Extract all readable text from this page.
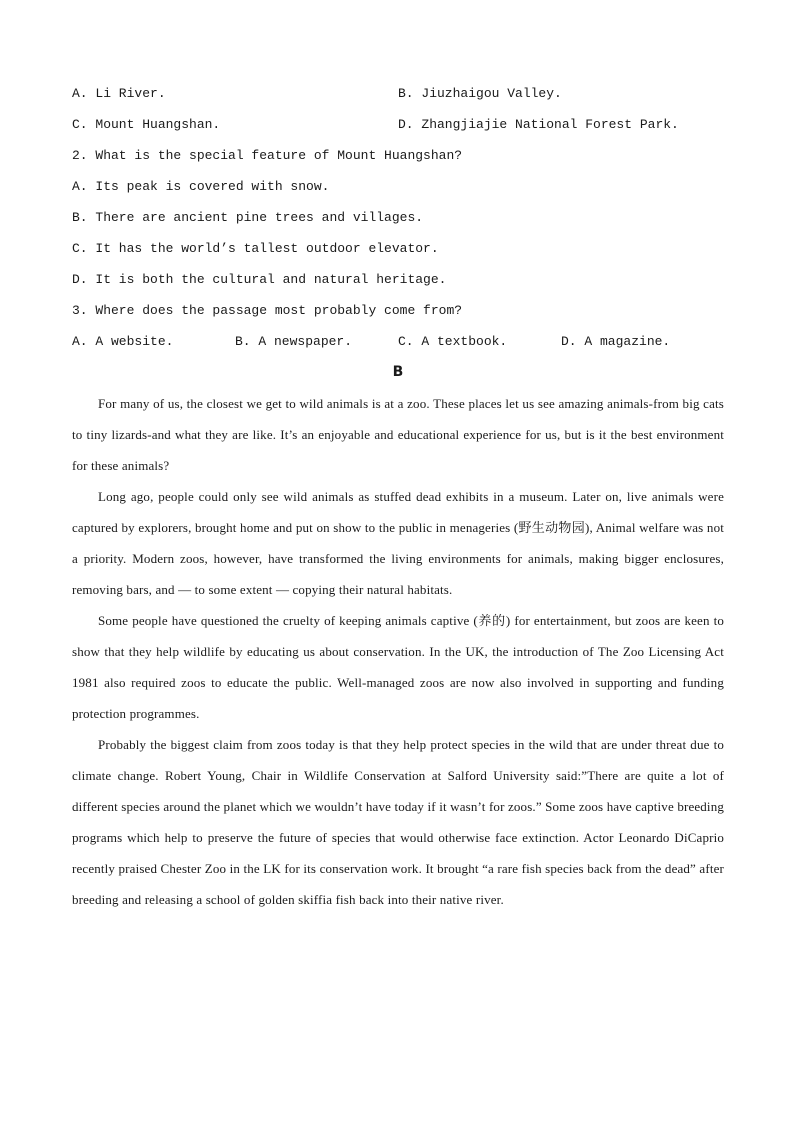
A. Li River.	B. Jiuzhaigou Valley.
C. Mount Huangshan.	D. Zhangjiajie National Forest Park.
2. What is the special feature of Mount Huangshan?
A. Its peak is covered with snow.
B. There are ancient pine trees and villages.
C. It has the world’s tallest outdoor elevator.
D. It is both the cultural and natural heritage.
3. Where does the passage most probably come from?
A. A website.	B. A newspaper.	C. A textbook.	D. A magazine.
B

For many of us, the closest we get to wild animals is at a zoo. These places let us see amazing animals-from big cats to tiny lizards-and what they are like. It’s an enjoyable and educational experience for us, but is it the best environment for these animals?

Long ago, people could only see wild animals as stuffed dead exhibits in a museum. Later on, live animals were captured by explorers, brought home and put on show to the public in menageries (野生动物园), Animal welfare was not a priority. Modern zoos, however, have transformed the living environments for animals, making bigger enclosures, removing bars, and — to some extent — copying their natural habitats.

Some people have questioned the cruelty of keeping animals captive (养的) for entertainment, but zoos are keen to show that they help wildlife by educating us about conservation. In the UK, the introduction of The Zoo Licensing Act 1981 also required zoos to educate the public. Well-managed zoos are now also involved in supporting and funding protection programmes.

Probably the biggest claim from zoos today is that they help protect species in the wild that are under threat due to climate change. Robert Young, Chair in Wildlife Conservation at Salford University said:”There are quite a lot of different species around the planet which we wouldn’t have today if it wasn’t for zoos.” Some zoos have captive breeding programs which help to preserve the future of species that would otherwise face extinction. Actor Leonardo DiCaprio recently praised Chester Zoo in the LK for its conservation work. It brought “a rare fish species back from the dead” after breeding and releasing a school of golden skiffia fish back into their native river.
